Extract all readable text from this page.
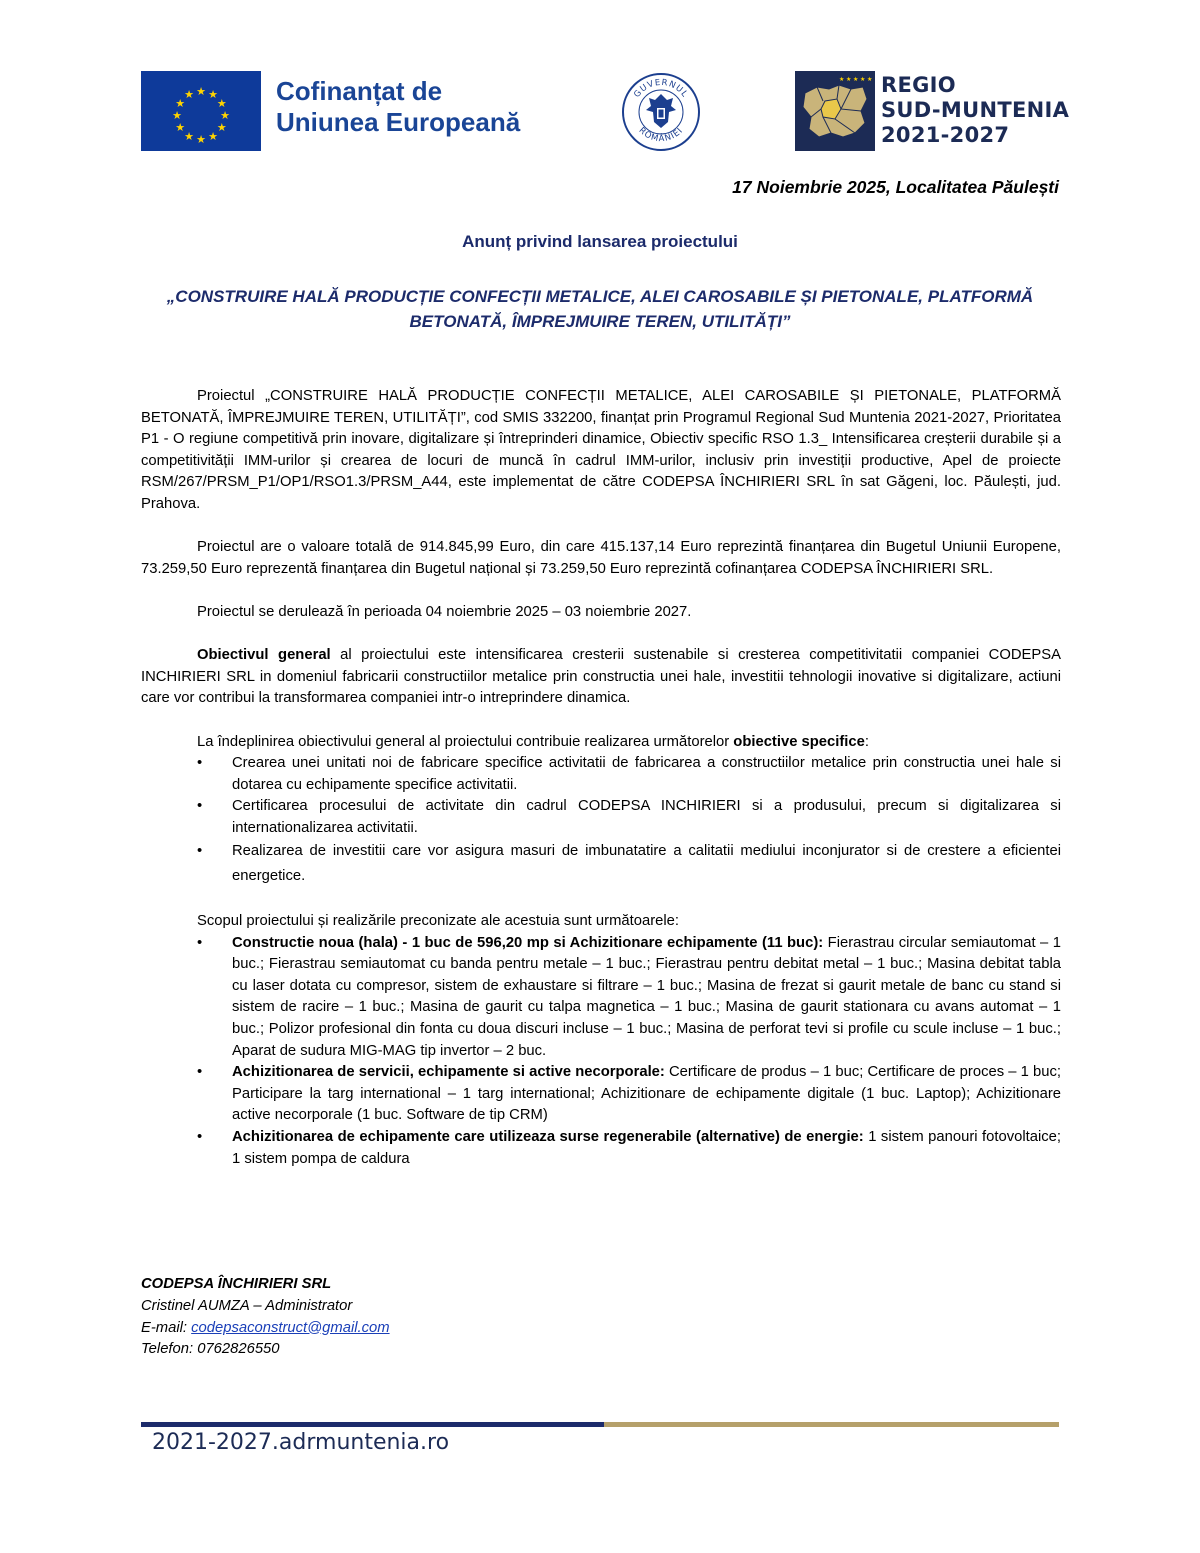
★ ★
★
★
★
★
★
★
★
★
★
★	Cofinanțat de
Uniunea Europeană
GUVERNUL
ROMÂNIEI
★ ★ ★ ★ ★ REGIO
SUD-MUNTENIA
2021-2027
17 Noiembrie 2025, Localitatea Păulești
Anunț privind lansarea proiectului
„CONSTRUIRE HALĂ PRODUCȚIE CONFECȚII METALICE, ALEI CAROSABILE ȘI PIETONALE, PLATFORMĂ BETONATĂ, ÎMPREJMUIRE TEREN, UTILITĂȚI”

Proiectul „CONSTRUIRE HALĂ PRODUCȚIE CONFECȚII METALICE, ALEI CAROSABILE ȘI PIETONALE, PLATFORMĂ BETONATĂ, ÎMPREJMUIRE TEREN, UTILITĂȚI”, cod SMIS 332200, finanțat prin Programul Regional Sud Muntenia 2021-2027, Prioritatea P1 - O regiune competitivă prin inovare, digitalizare și întreprinderi dinamice, Obiectiv specific RSO 1.3_ Intensificarea creșterii durabile și a competitivității IMM-urilor și crearea de locuri de muncă în cadrul IMM-urilor, inclusiv prin investiții productive, Apel de proiecte RSM/267/PRSM_P1/OP1/RSO1.3/PRSM_A44, este implementat de către CODEPSA ÎNCHIRIERI SRL în sat Găgeni, loc. Păulești, jud. Prahova.

Proiectul are o valoare totală de 914.845,99 Euro, din care 415.137,14 Euro reprezintă finanțarea din Bugetul Uniunii Europene, 73.259,50 Euro reprezentă finanțarea din Bugetul național și 73.259,50 Euro reprezintă cofinanțarea CODEPSA ÎNCHIRIERI SRL.

Proiectul se derulează în perioada 04 noiembrie 2025 – 03 noiembrie 2027.

Obiectivul general al proiectului este intensificarea cresterii sustenabile si cresterea competitivitatii companiei CODEPSA INCHIRIERI SRL in domeniul fabricarii constructiilor metalice prin constructia unei hale, investitii tehnologii inovative si digitalizare, actiuni care vor contribui la transformarea companiei intr-o intreprindere dinamica.

La îndeplinirea obiectivului general al proiectului contribuie realizarea următorelor obiective specifice:

• Crearea unei unitati noi de fabricare specifice activitatii de fabricarea a constructiilor metalice prin constructia unei hale si dotarea cu echipamente specifice activitatii.
• Certificarea procesului de activitate din cadrul CODEPSA INCHIRIERI si a produsului, precum si digitalizarea si internationalizarea activitatii.
• Realizarea de investitii care vor asigura masuri de imbunatatire a calitatii mediului inconjurator si de crestere a eficientei energetice.

Scopul proiectului și realizările preconizate ale acestuia sunt următoarele:

• Constructie noua (hala) - 1 buc de 596,20 mp si Achizitionare echipamente (11 buc): Fierastrau circular semiautomat – 1 buc.; Fierastrau semiautomat cu banda pentru metale – 1 buc.; Fierastrau pentru debitat metal – 1 buc.; Masina debitat tabla cu laser dotata cu compresor, sistem de exhaustare si filtrare – 1 buc.; Masina de frezat si gaurit metale de banc cu stand si sistem de racire – 1 buc.; Masina de gaurit cu talpa magnetica – 1 buc.; Masina de gaurit stationara cu avans automat – 1 buc.; Polizor profesional din fonta cu doua discuri incluse – 1 buc.; Masina de perforat tevi si profile cu scule incluse – 1 buc.; Aparat de sudura MIG-MAG tip invertor – 2 buc.
• Achizitionarea de servicii, echipamente si active necorporale: Certificare de produs – 1 buc; Certificare de proces – 1 buc; Participare la targ international – 1 targ international; Achizitionare de echipamente digitale (1 buc. Laptop); Achizitionare active necorporale (1 buc. Software de tip CRM)
• Achizitionarea de echipamente care utilizeaza surse regenerabile (alternative) de energie: 1 sistem panouri fotovoltaice; 1 sistem pompa de caldura
CODEPSA ÎNCHIRIERI SRL
Cristinel AUMZA – Administrator
E-mail: codepsaconstruct@gmail.com
Telefon: 0762826550
2021-2027.adrmuntenia.ro
